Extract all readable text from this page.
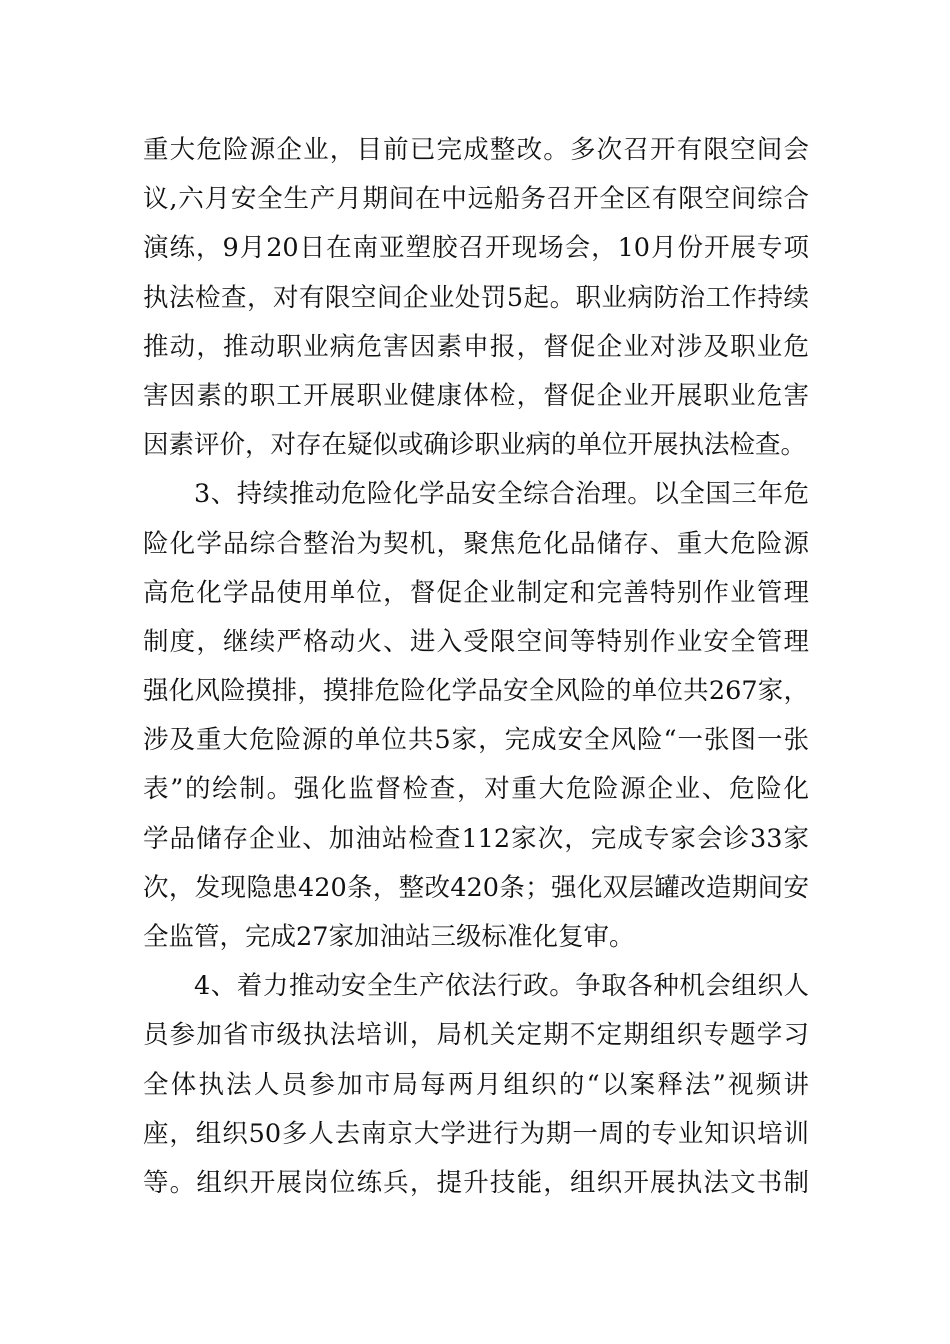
重大危险源企业，目前已完成整改。多次召开有限空间会
议,六月安全生产月期间在中远船务召开全区有限空间综合
演练，9月20日在南亚塑胶召开现场会，10月份开展专项
执法检查，对有限空间企业处罚5起。职业病防治工作持续
推动，推动职业病危害因素申报，督促企业对涉及职业危
害因素的职工开展职业健康体检，督促企业开展职业危害
因素评价，对存在疑似或确诊职业病的单位开展执法检查。

3、持续推动危险化学品安全综合治理。以全国三年危
险化学品综合整治为契机，聚焦危化品储存、重大危险源
高危化学品使用单位，督促企业制定和完善特别作业管理
制度，继续严格动火、进入受限空间等特别作业安全管理
强化风险摸排，摸排危险化学品安全风险的单位共267家，
涉及重大危险源的单位共5家，完成安全风险“一张图一张
表”的绘制。强化监督检查，对重大危险源企业、危险化
学品储存企业、加油站检查112家次，完成专家会诊33家
次，发现隐患420条，整改420条；强化双层罐改造期间安
全监管，完成27家加油站三级标准化复审。

4、着力推动安全生产依法行政。争取各种机会组织人
员参加省市级执法培训，局机关定期不定期组织专题学习
全体执法人员参加市局每两月组织的“以案释法”视频讲
座，组织50多人去南京大学进行为期一周的专业知识培训
等。组织开展岗位练兵，提升技能，组织开展执法文书制
